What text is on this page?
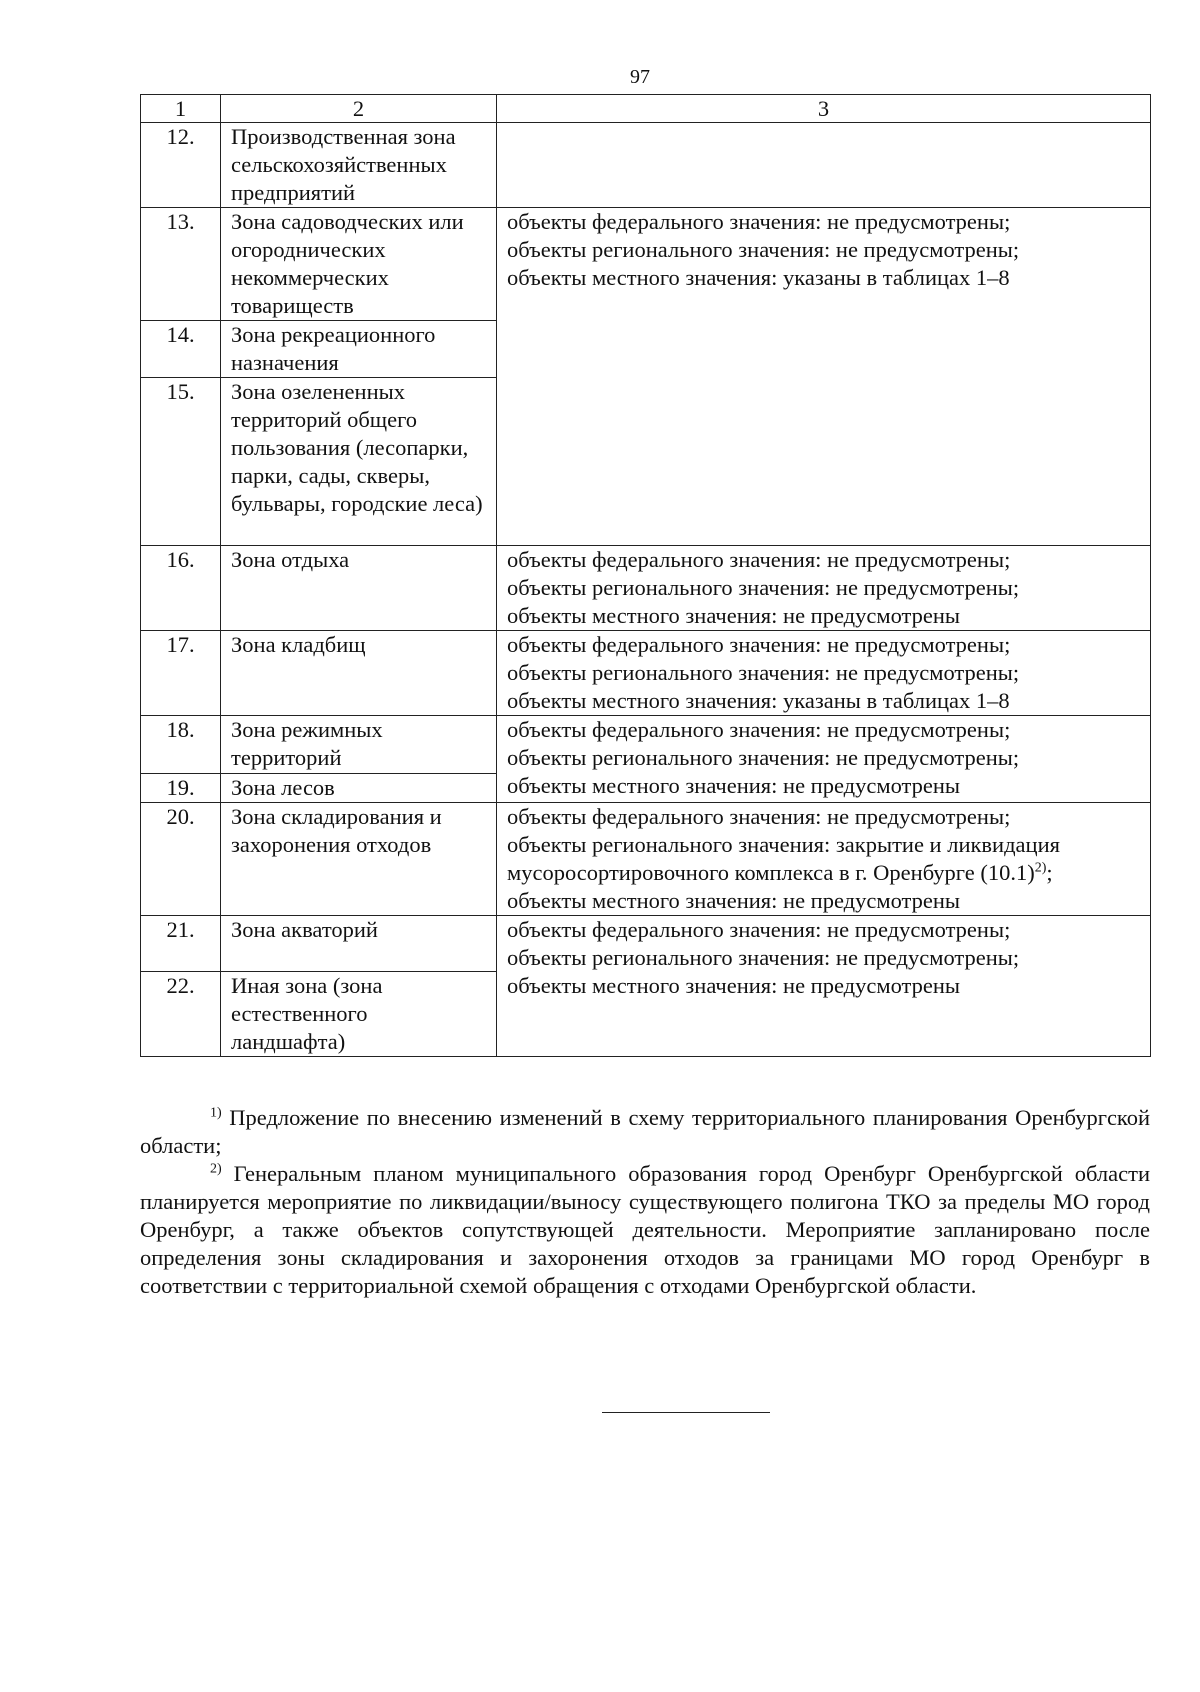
97
1	2	3
12.	Производственная зона сельскохозяйственных предприятий	
13.	Зона садоводческих или огороднических некоммерческих товариществ	объекты федерального значения: не предусмотрены;
объекты регионального значения: не предусмотрены;
объекты местного значения: указаны в таблицах 1–8

14.	Зона рекреационного назначения	
15.	Зона озелененных территорий общего пользования (лесопарки, парки, сады, скверы, бульвары, городские леса)	
16.	Зона отдыха	объекты федерального значения: не предусмотрены;
объекты регионального значения: не предусмотрены;
объекты местного значения: не предусмотрены

17.	Зона кладбищ	объекты федерального значения: не предусмотрены;
объекты регионального значения: не предусмотрены;
объекты местного значения: указаны в таблицах 1–8

18.	Зона режимных территорий	объекты федерального значения: не предусмотрены;
объекты регионального значения: не предусмотрены;
объекты местного значения: не предусмотрены

19.	Зона лесов	
20.	Зона складирования и захоронения отходов	объекты федерального значения: не предусмотрены;
объекты регионального значения: закрытие и ликвидация
мусоросортировочного комплекса в г. Оренбурге $(10.1)^{2)}$;
объекты местного значения: не предусмотрены

21.	Зона акваторий	объекты федерального значения: не предусмотрены;
объекты регионального значения: не предусмотрены;
объекты местного значения: не предусмотрены

22.	Иная зона (зона естественного ландшафта)	

$^{1)}$ Предложение по внесению изменений в схему территориального планирования Оренбургской области;

$^{2)}$ Генеральным планом муниципального образования город Оренбург Оренбургской области планируется мероприятие по ликвидации/выносу существующего полигона ТКО за пределы МО город Оренбург, а также объектов сопутствующей деятельности. Мероприятие запланировано после определения зоны складирования и захоронения отходов за границами МО город Оренбург в соответствии с территориальной схемой обращения с отходами Оренбургской области.
